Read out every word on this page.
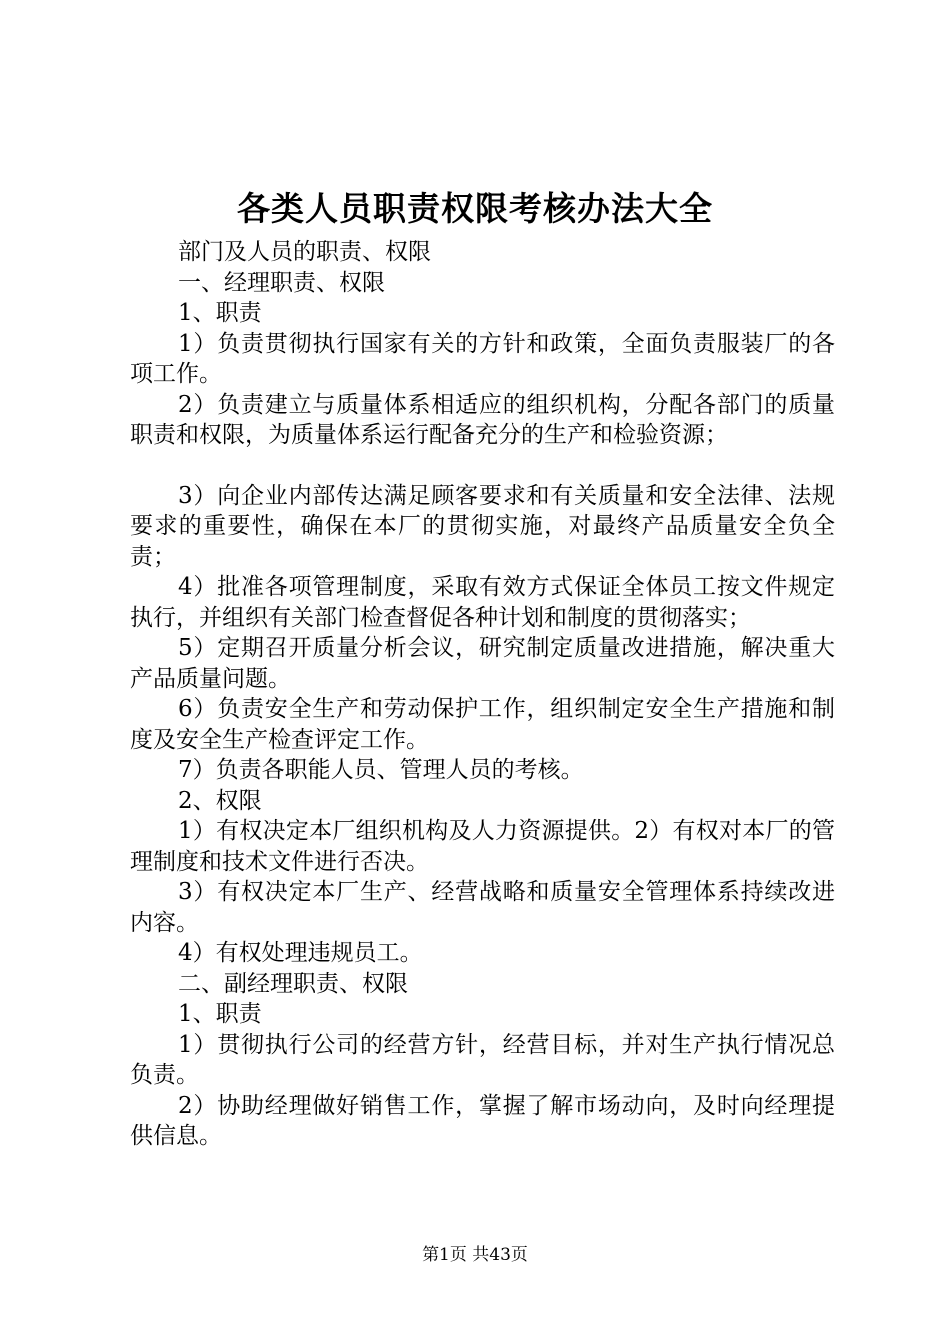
各类人员职责权限考核办法大全

部门及人员的职责、权限

一、经理职责、权限

1、职责

1）负责贯彻执行国家有关的方针和政策，全面负责服装厂的各项工作。

2）负责建立与质量体系相适应的组织机构，分配各部门的质量职责和权限，为质量体系运行配备充分的生产和检验资源；

3）向企业内部传达满足顾客要求和有关质量和安全法律、法规要求的重要性，确保在本厂的贯彻实施，对最终产品质量安全负全责；

4）批准各项管理制度，采取有效方式保证全体员工按文件规定执行，并组织有关部门检查督促各种计划和制度的贯彻落实；

5）定期召开质量分析会议，研究制定质量改进措施，解决重大产品质量问题。

6）负责安全生产和劳动保护工作，组织制定安全生产措施和制度及安全生产检查评定工作。

7）负责各职能人员、管理人员的考核。

2、权限

1）有权决定本厂组织机构及人力资源提供。2）有权对本厂的管理制度和技术文件进行否决。

3）有权决定本厂生产、经营战略和质量安全管理体系持续改进内容。

4）有权处理违规员工。

二、副经理职责、权限

1、职责

1）贯彻执行公司的经营方针，经营目标，并对生产执行情况总负责。

2）协助经理做好销售工作，掌握了解市场动向，及时向经理提供信息。

第1页 共43页
